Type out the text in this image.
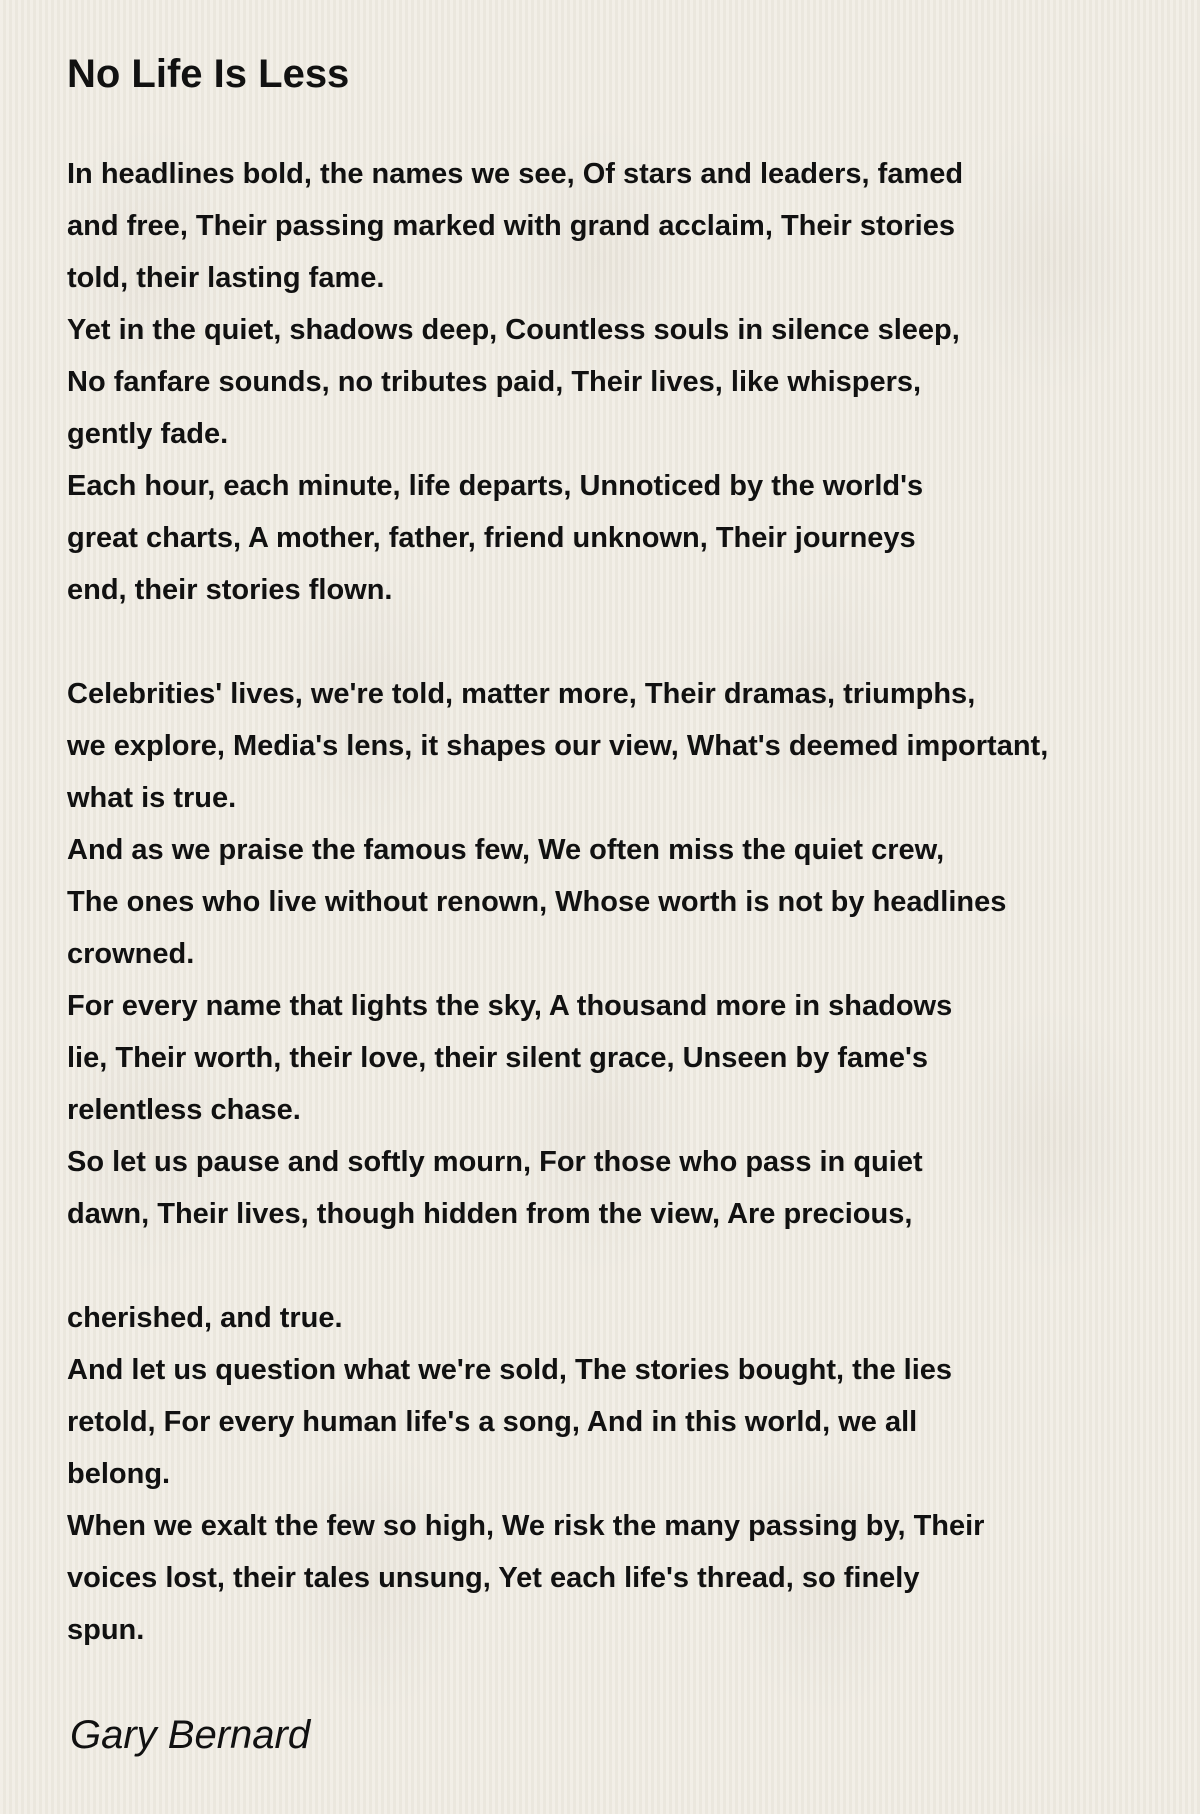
No Life Is Less
In headlines bold, the names we see, Of stars and leaders, famed
and free, Their passing marked with grand acclaim, Their stories
told, their lasting fame.
Yet in the quiet, shadows deep, Countless souls in silence sleep,
No fanfare sounds, no tributes paid, Their lives, like whispers,
gently fade.
Each hour, each minute, life departs, Unnoticed by the world's
great charts, A mother, father, friend unknown, Their journeys
end, their stories flown.
Celebrities' lives, we're told, matter more, Their dramas, triumphs,
we explore, Media's lens, it shapes our view, What's deemed important,
what is true.
And as we praise the famous few, We often miss the quiet crew,
The ones who live without renown, Whose worth is not by headlines
crowned.
For every name that lights the sky, A thousand more in shadows
lie, Their worth, their love, their silent grace, Unseen by fame's
relentless chase.
So let us pause and softly mourn, For those who pass in quiet
dawn, Their lives, though hidden from the view, Are precious,
cherished, and true.
And let us question what we're sold, The stories bought, the lies
retold, For every human life's a song, And in this world, we all
belong.
When we exalt the few so high, We risk the many passing by, Their
voices lost, their tales unsung, Yet each life's thread, so finely
spun.
Gary Bernard
